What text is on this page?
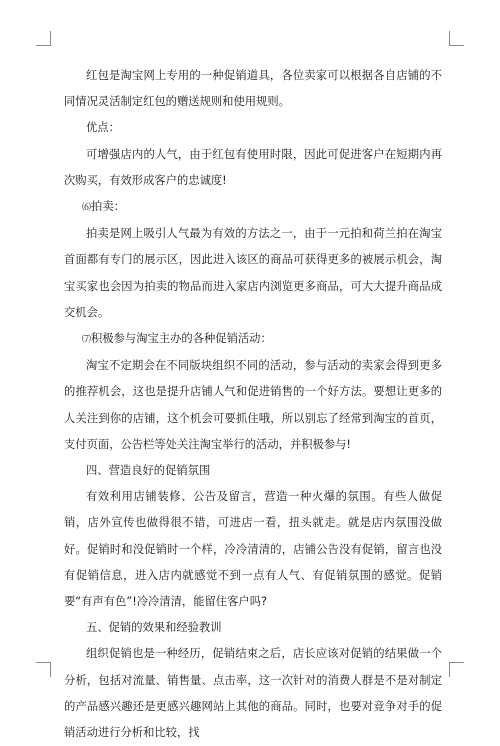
红包是淘宝网上专用的一种促销道具，各位卖家可以根据各自店铺的不同情况灵活制定红包的赠送规则和使用规则。

优点：

可增强店内的人气，由于红包有使用时限，因此可促进客户在短期内再次购买，有效形成客户的忠诚度!

⑹拍卖：

拍卖是网上吸引人气最为有效的方法之一，由于一元拍和荷兰拍在淘宝首面都有专门的展示区，因此进入该区的商品可获得更多的被展示机会，淘宝买家也会因为拍卖的物品而进入家店内浏览更多商品，可大大提升商品成交机会。

⑺积极参与淘宝主办的各种促销活动：

淘宝不定期会在不同版块组织不同的活动，参与活动的卖家会得到更多的推荐机会，这也是提升店铺人气和促进销售的一个好方法。要想让更多的人关注到你的店铺，这个机会可要抓住哦，所以别忘了经常到淘宝的首页，支付页面，公告栏等处关注淘宝举行的活动，并积极参与!

四、营造良好的促销氛围

有效利用店铺装修、公告及留言，营造一种火爆的氛围。有些人做促销，店外宣传也做得很不错，可进店一看，扭头就走。就是店内氛围没做好。促销时和没促销时一个样，冷冷清清的，店铺公告没有促销，留言也没有促销信息，进入店内就感觉不到一点有人气、有促销氛围的感觉。促销要“有声有色”!冷冷清清，能留住客户吗?

五、促销的效果和经验教训

组织促销也是一种经历，促销结束之后，店长应该对促销的结果做一个分析，包括对流量、销售量、点击率，这一次针对的消费人群是不是对制定的产品感兴趣还是更感兴趣网站上其他的商品。同时，也要对竞争对手的促销活动进行分析和比较，找
